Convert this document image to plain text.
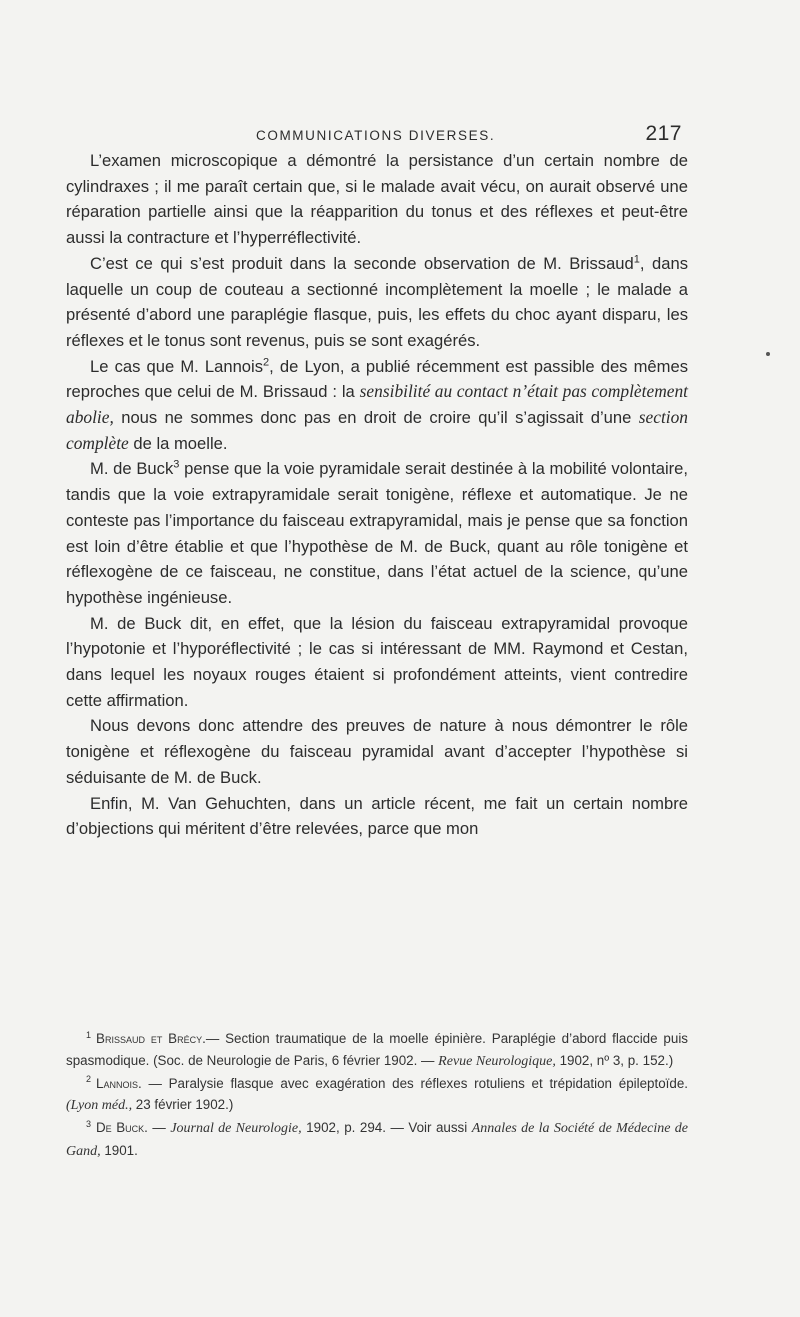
COMMUNICATIONS DIVERSES.	217

L’examen microscopique a démontré la persistance d’un certain nombre de cylindraxes ; il me paraît certain que, si le malade avait vécu, on aurait observé une réparation partielle ainsi que la réapparition du tonus et des réflexes et peut-être aussi la contracture et l’hyperréflectivité.

C’est ce qui s’est produit dans la seconde observation de M. Brissaud$^1$, dans laquelle un coup de couteau a sectionné incomplètement la moelle ; le malade a présenté d’abord une paraplégie flasque, puis, les effets du choc ayant disparu, les réflexes et le tonus sont revenus, puis se sont exagérés.

Le cas que M. Lannois$^2$, de Lyon, a publié récemment est passible des mêmes reproches que celui de M. Brissaud : la sensibilité au contact n’était pas complètement abolie, nous ne sommes donc pas en droit de croire qu’il s’agissait d’une section complète de la moelle.

M. de Buck$^3$ pense que la voie pyramidale serait destinée à la mobilité volontaire, tandis que la voie extrapyramidale serait tonigène, réflexe et automatique. Je ne conteste pas l’importance du faisceau extrapyramidal, mais je pense que sa fonction est loin d’être établie et que l’hypothèse de M. de Buck, quant au rôle tonigène et réflexogène de ce faisceau, ne constitue, dans l’état actuel de la science, qu’une hypothèse ingénieuse.

M. de Buck dit, en effet, que la lésion du faisceau extrapyramidal provoque l’hypotonie et l’hyporéflectivité ; le cas si intéressant de MM. Raymond et Cestan, dans lequel les noyaux rouges étaient si profondément atteints, vient contredire cette affirmation.

Nous devons donc attendre des preuves de nature à nous démontrer le rôle tonigène et réflexogène du faisceau pyramidal avant d’accepter l’hypothèse si séduisante de M. de Buck.

Enfin, M. Van Gehuchten, dans un article récent, me fait un certain nombre d’objections qui méritent d’être relevées, parce que mon

$^1$ Brissaud et Brécy.— Section traumatique de la moelle épinière. Paraplégie d’abord flaccide puis spasmodique. (Soc. de Neurologie de Paris, 6 février 1902. — Revue Neurologique, 1902, nº 3, p. 152.)

$^2$ Lannois. — Paralysie flasque avec exagération des réflexes rotuliens et trépidation épileptoïde. (Lyon méd., 23 février 1902.)

$^3$ De Buck. — Journal de Neurologie, 1902, p. 294. — Voir aussi Annales de la Société de Médecine de Gand, 1901.
